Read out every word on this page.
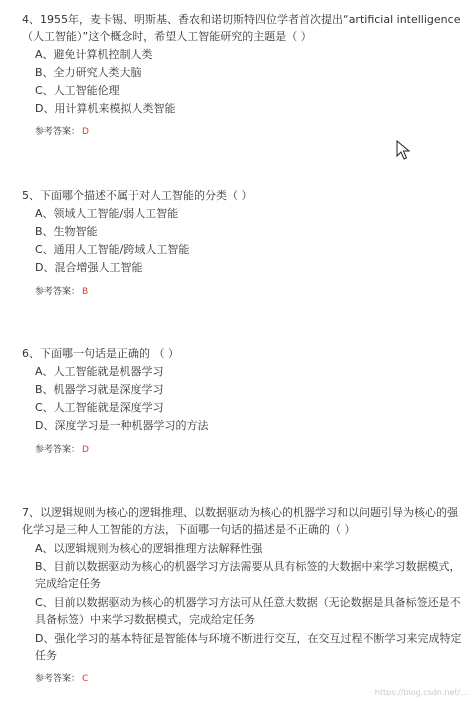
4、1955年，麦卡锡、明斯基、香农和诺切斯特四位学者首次提出“artificial intelligence（人工智能）”这个概念时，希望人工智能研究的主题是（ ）

A、避免计算机控制人类

B、全力研究人类大脑

C、人工智能伦理

D、用计算机来模拟人类智能

参考答案： D

5、下面哪个描述不属于对人工智能的分类（ ）

A、领域人工智能/弱人工智能

B、生物智能

C、通用人工智能/跨域人工智能

D、混合增强人工智能

参考答案： B

6、下面哪一句话是正确的 （ ）

A、人工智能就是机器学习

B、机器学习就是深度学习

C、人工智能就是深度学习

D、深度学习是一种机器学习的方法

参考答案： D

7、以逻辑规则为核心的逻辑推理、以数据驱动为核心的机器学习和以问题引导为核心的强化学习是三种人工智能的方法，下面哪一句话的描述是不正确的（ ）

A、以逻辑规则为核心的逻辑推理方法解释性强

B、目前以数据驱动为核心的机器学习方法需要从具有标签的大数据中来学习数据模式，完成给定任务

C、目前以数据驱动为核心的机器学习方法可从任意大数据（无论数据是具备标签还是不具备标签）中来学习数据模式，完成给定任务

D、强化学习的基本特征是智能体与环境不断进行交互，在交互过程不断学习来完成特定任务

参考答案： C

https://blog.csdn.net/...
